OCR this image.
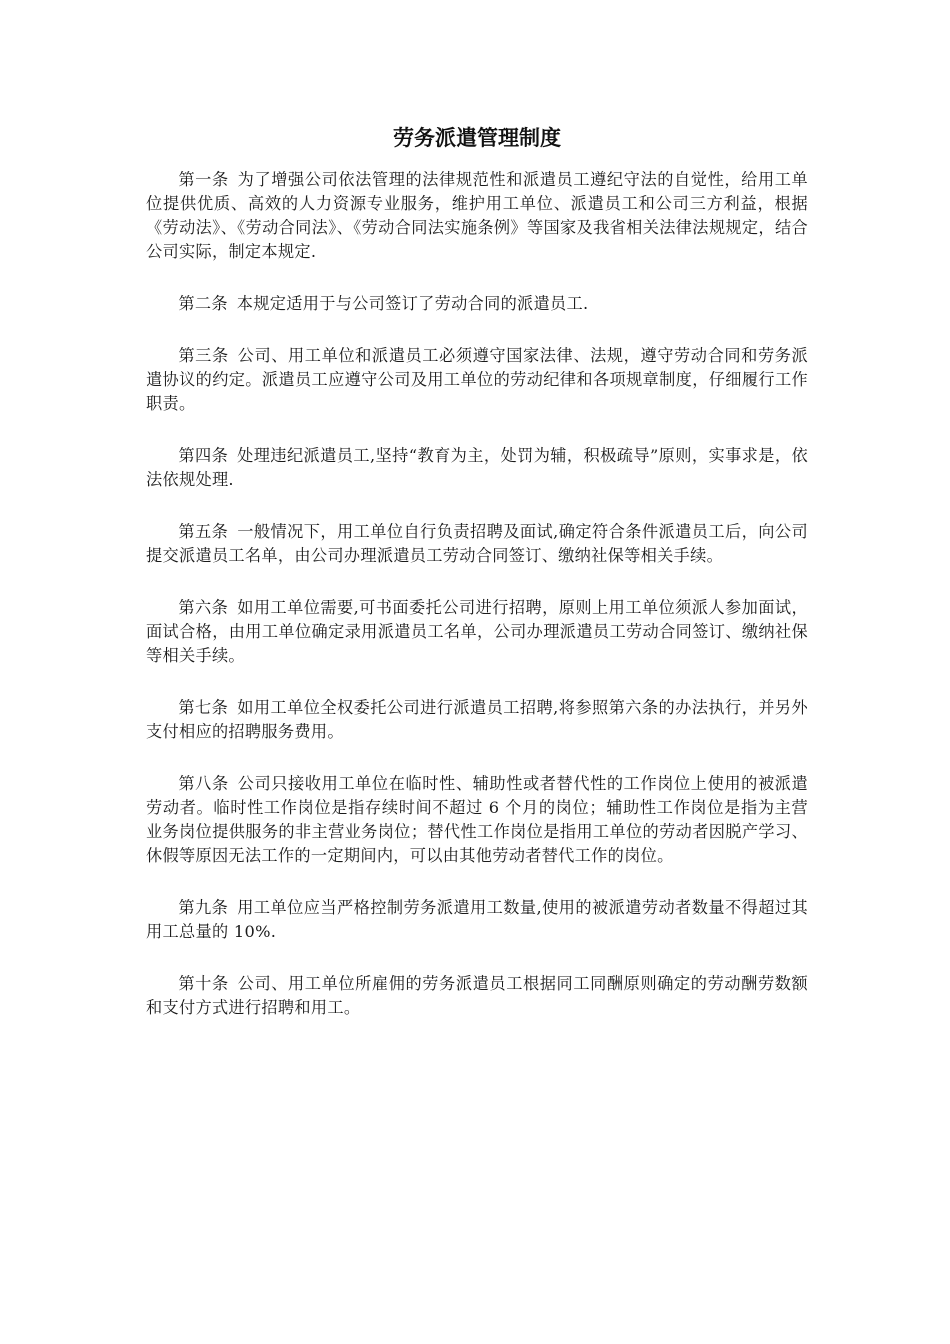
劳务派遣管理制度

第一条 为了增强公司依法管理的法律规范性和派遣员工遵纪守法的自觉性，给用工单位提供优质、高效的人力资源专业服务，维护用工单位、派遣员工和公司三方利益，根据《劳动法》、《劳动合同法》、《劳动合同法实施条例》等国家及我省相关法律法规规定，结合公司实际，制定本规定.

第二条 本规定适用于与公司签订了劳动合同的派遣员工.

第三条 公司、用工单位和派遣员工必须遵守国家法律、法规，遵守劳动合同和劳务派遣协议的约定。派遣员工应遵守公司及用工单位的劳动纪律和各项规章制度，仔细履行工作职责。

第四条 处理违纪派遣员工,坚持“教育为主，处罚为辅，积极疏导”原则，实事求是，依法依规处理.

第五条 一般情况下，用工单位自行负责招聘及面试,确定符合条件派遣员工后，向公司提交派遣员工名单，由公司办理派遣员工劳动合同签订、缴纳社保等相关手续。

第六条 如用工单位需要,可书面委托公司进行招聘，原则上用工单位须派人参加面试，面试合格，由用工单位确定录用派遣员工名单，公司办理派遣员工劳动合同签订、缴纳社保等相关手续。

第七条 如用工单位全权委托公司进行派遣员工招聘,将参照第六条的办法执行，并另外支付相应的招聘服务费用。

第八条 公司只接收用工单位在临时性、辅助性或者替代性的工作岗位上使用的被派遣劳动者。临时性工作岗位是指存续时间不超过 6 个月的岗位；辅助性工作岗位是指为主营业务岗位提供服务的非主营业务岗位；替代性工作岗位是指用工单位的劳动者因脱产学习、休假等原因无法工作的一定期间内，可以由其他劳动者替代工作的岗位。

第九条 用工单位应当严格控制劳务派遣用工数量,使用的被派遣劳动者数量不得超过其用工总量的 10%.

第十条 公司、用工单位所雇佣的劳务派遣员工根据同工同酬原则确定的劳动酬劳数额和支付方式进行招聘和用工。
